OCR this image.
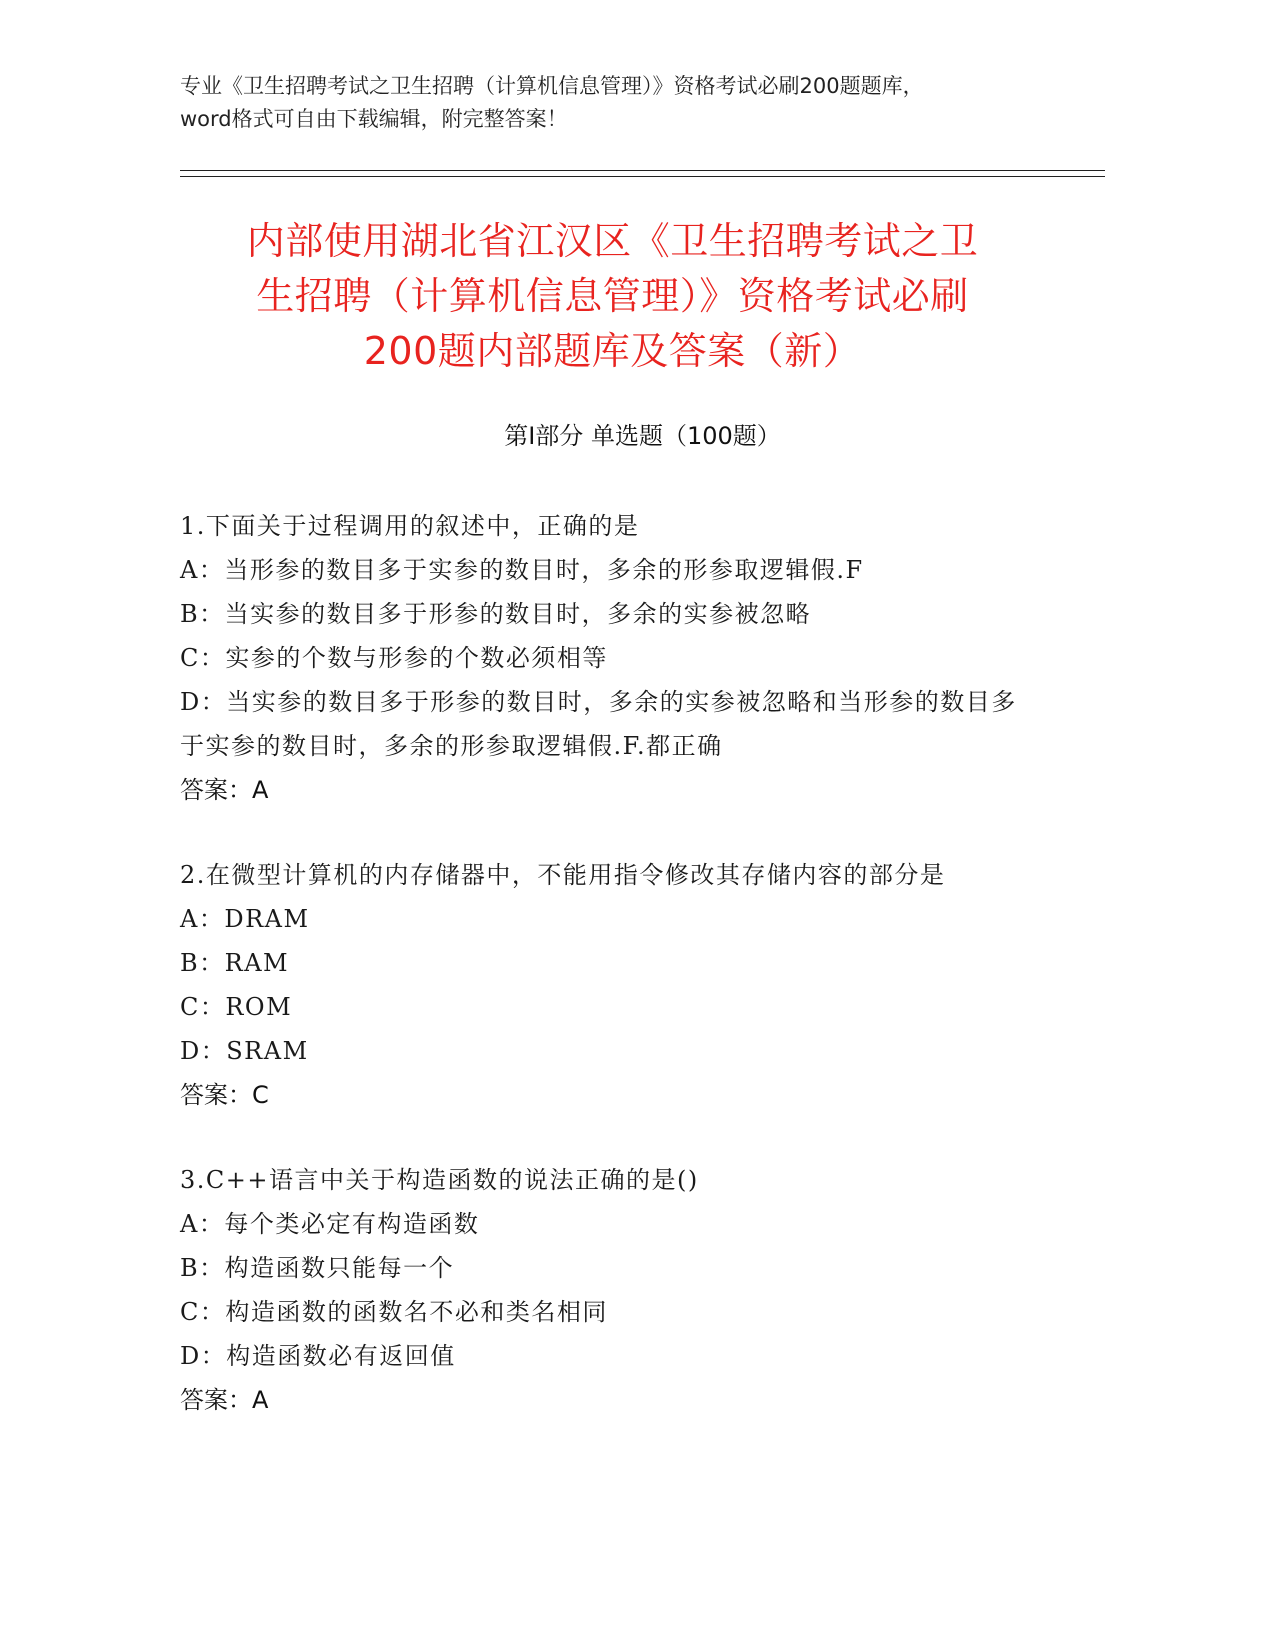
专业《卫生招聘考试之卫生招聘（计算机信息管理）》资格考试必刷200题题库，
word格式可自由下载编辑，附完整答案！
内部使用湖北省江汉区《卫生招聘考试之卫
生招聘（计算机信息管理）》资格考试必刷
200题内部题库及答案（新）
第Ⅰ部分 单选题（100题）
1.下面关于过程调用的叙述中，正确的是
A：当形参的数目多于实参的数目时，多余的形参取逻辑假.F
B：当实参的数目多于形参的数目时，多余的实参被忽略
C：实参的个数与形参的个数必须相等
D：当实参的数目多于形参的数目时，多余的实参被忽略和当形参的数目多于实参的数目时，多余的形参取逻辑假.F.都正确
答案：A
2.在微型计算机的内存储器中，不能用指令修改其存储内容的部分是
A：DRAM
B：RAM
C：ROM
D：SRAM
答案：C
3.C++语言中关于构造函数的说法正确的是()
A：每个类必定有构造函数
B：构造函数只能每一个
C：构造函数的函数名不必和类名相同
D：构造函数必有返回值
答案：A
